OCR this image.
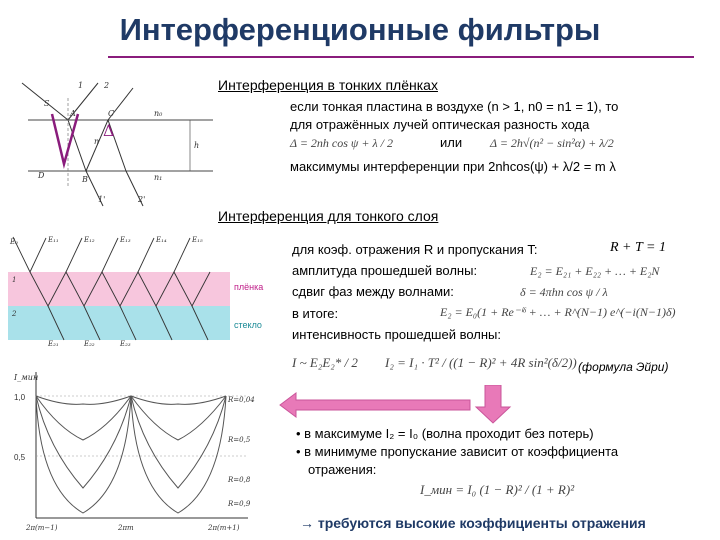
Интерференционные фильтры
Интерференция в тонких плёнках
Δ
S
1	2
A	C	n₀
n	h
B
1'	2'
n₁
D
если тонкая пластина в воздухе (n > 1, n0 = n1 = 1), то
для отражённых лучей оптическая разность хода
Δ = 2nh cos ψ + λ / 2	или Δ = 2h√(n² − sin²α) + λ/2
максимумы интерференции при 2nhcos(ψ) + λ/2 = m λ
Интерференция для тонкого слоя
E₀	E₁₁	E₁₂	E₁₃	E₁₄	E₁₅
1
2
E₂₁	E₂₂	E₂₃
плёнка
стекло
для коэф. отражения R и пропускания T:	R + T = 1
амплитуда прошедшей волны:	E₂ = E₂₁ + E₂₂ + … + E₂N
сдвиг фаз между волнами:	δ = 4πhn cos ψ / λ
в итоге:	E₂ = E₀(1 + Re⁻ⁱᵟ + … + R^(N−1) e^(−i(N−1)δ)
интенсивность прошедшей волны:
I ~ E₂E₂* / 2 I₂ = I₁ · T² / ((1 − R)² + 4R sin²(δ/2)) (формула Эйри)
I_мин
1,0
0,5
R=0,04
R=0,5
R=0,8
R=0,9
2π(m−1)	2πm	2π(m+1)
• в максимуме I₂ = I₀ (волна проходит без потерь)
• в минимуме пропускание зависит от коэффициента
отражения:
I_мин = I₀ (1 − R)² / (1 + R)²
→ требуются высокие коэффициенты отражения
